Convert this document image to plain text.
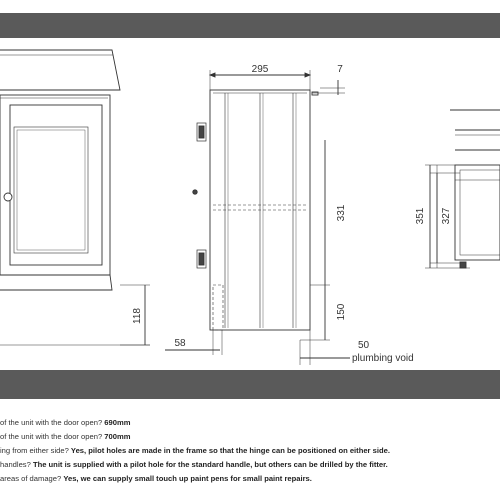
295	7
331
150
351 327
118
58	50
plumbing void
of the unit with the door open? 690mm
of the unit with the door open? 700mm
ing from either side? Yes, pilot holes are made in the frame so that the hinge can be positioned on either side.
handles? The unit is supplied with a pilot hole for the standard handle, but others can be drilled by the fitter.
areas of damage? Yes, we can supply small touch up paint pens for small paint repairs.
